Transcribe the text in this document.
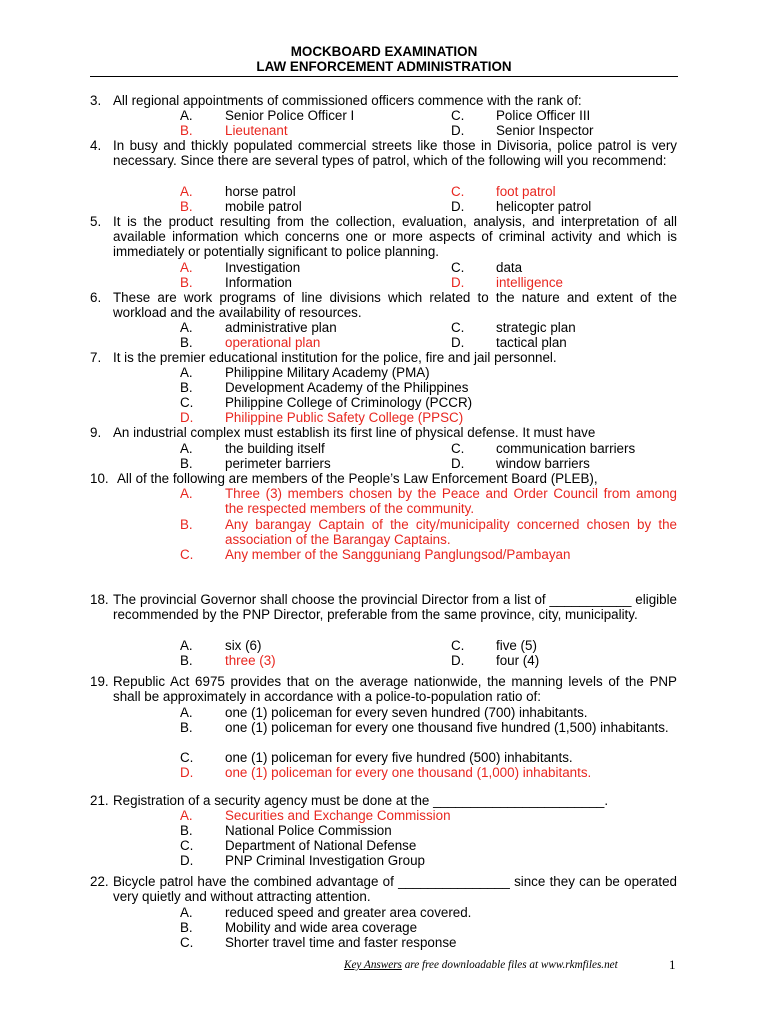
MOCKBOARD EXAMINATION
LAW ENFORCEMENT ADMINISTRATION
3. All regional appointments of commissioned officers commence with the rank of:
A. Senior Police Officer I	C. Police Officer III
B. Lieutenant	D. Senior Inspector
4. In busy and thickly populated commercial streets like those in Divisoria, police patrol is very necessary. Since there are several types of patrol, which of the following will you recommend:
A. horse patrol	C. foot patrol
B. mobile patrol	D. helicopter patrol
5. It is the product resulting from the collection, evaluation, analysis, and interpretation of all available information which concerns one or more aspects of criminal activity and which is immediately or potentially significant to police planning.
A. Investigation	C. data
B. Information	D. intelligence
6. These are work programs of line divisions which related to the nature and extent of the workload and the availability of resources.
A. administrative plan	C. strategic plan
B. operational plan	D. tactical plan
7. It is the premier educational institution for the police, fire and jail personnel.
A. Philippine Military Academy (PMA)
B. Development Academy of the Philippines
C. Philippine College of Criminology (PCCR)
D. Philippine Public Safety College (PPSC)
9. An industrial complex must establish its first line of physical defense. It must have
A. the building itself	C. communication barriers
B. perimeter barriers	D. window barriers
10. All of the following are members of the People’s Law Enforcement Board (PLEB),
A. Three (3) members chosen by the Peace and Order Council from among the respected members of the community.
B. Any barangay Captain of the city/municipality concerned chosen by the association of the Barangay Captains.
C. Any member of the Sangguniang Panglungsod/Pambayan
18. The provincial Governor shall choose the provincial Director from a list of ___________ eligible recommended by the PNP Director, preferable from the same province, city, municipality.
A. six (6)	C. five (5)
B. three (3)	D. four (4)
19. Republic Act 6975 provides that on the average nationwide, the manning levels of the PNP shall be approximately in accordance with a police-to-population ratio of:
A. one (1) policeman for every seven hundred (700) inhabitants.
B. one (1) policeman for every one thousand five hundred (1,500) inhabitants.
C. one (1) policeman for every five hundred (500) inhabitants.
D. one (1) policeman for every one thousand (1,000) inhabitants.
21. Registration of a security agency must be done at the _______________________.
A. Securities and Exchange Commission
B. National Police Commission
C. Department of National Defense
D. PNP Criminal Investigation Group
22. Bicycle patrol have the combined advantage of _______________ since they can be operated very quietly and without attracting attention.
A. reduced speed and greater area covered.
B. Mobility and wide area coverage
C. Shorter travel time and faster response
Key Answers are free downloadable files at www.rkmfiles.net	1
